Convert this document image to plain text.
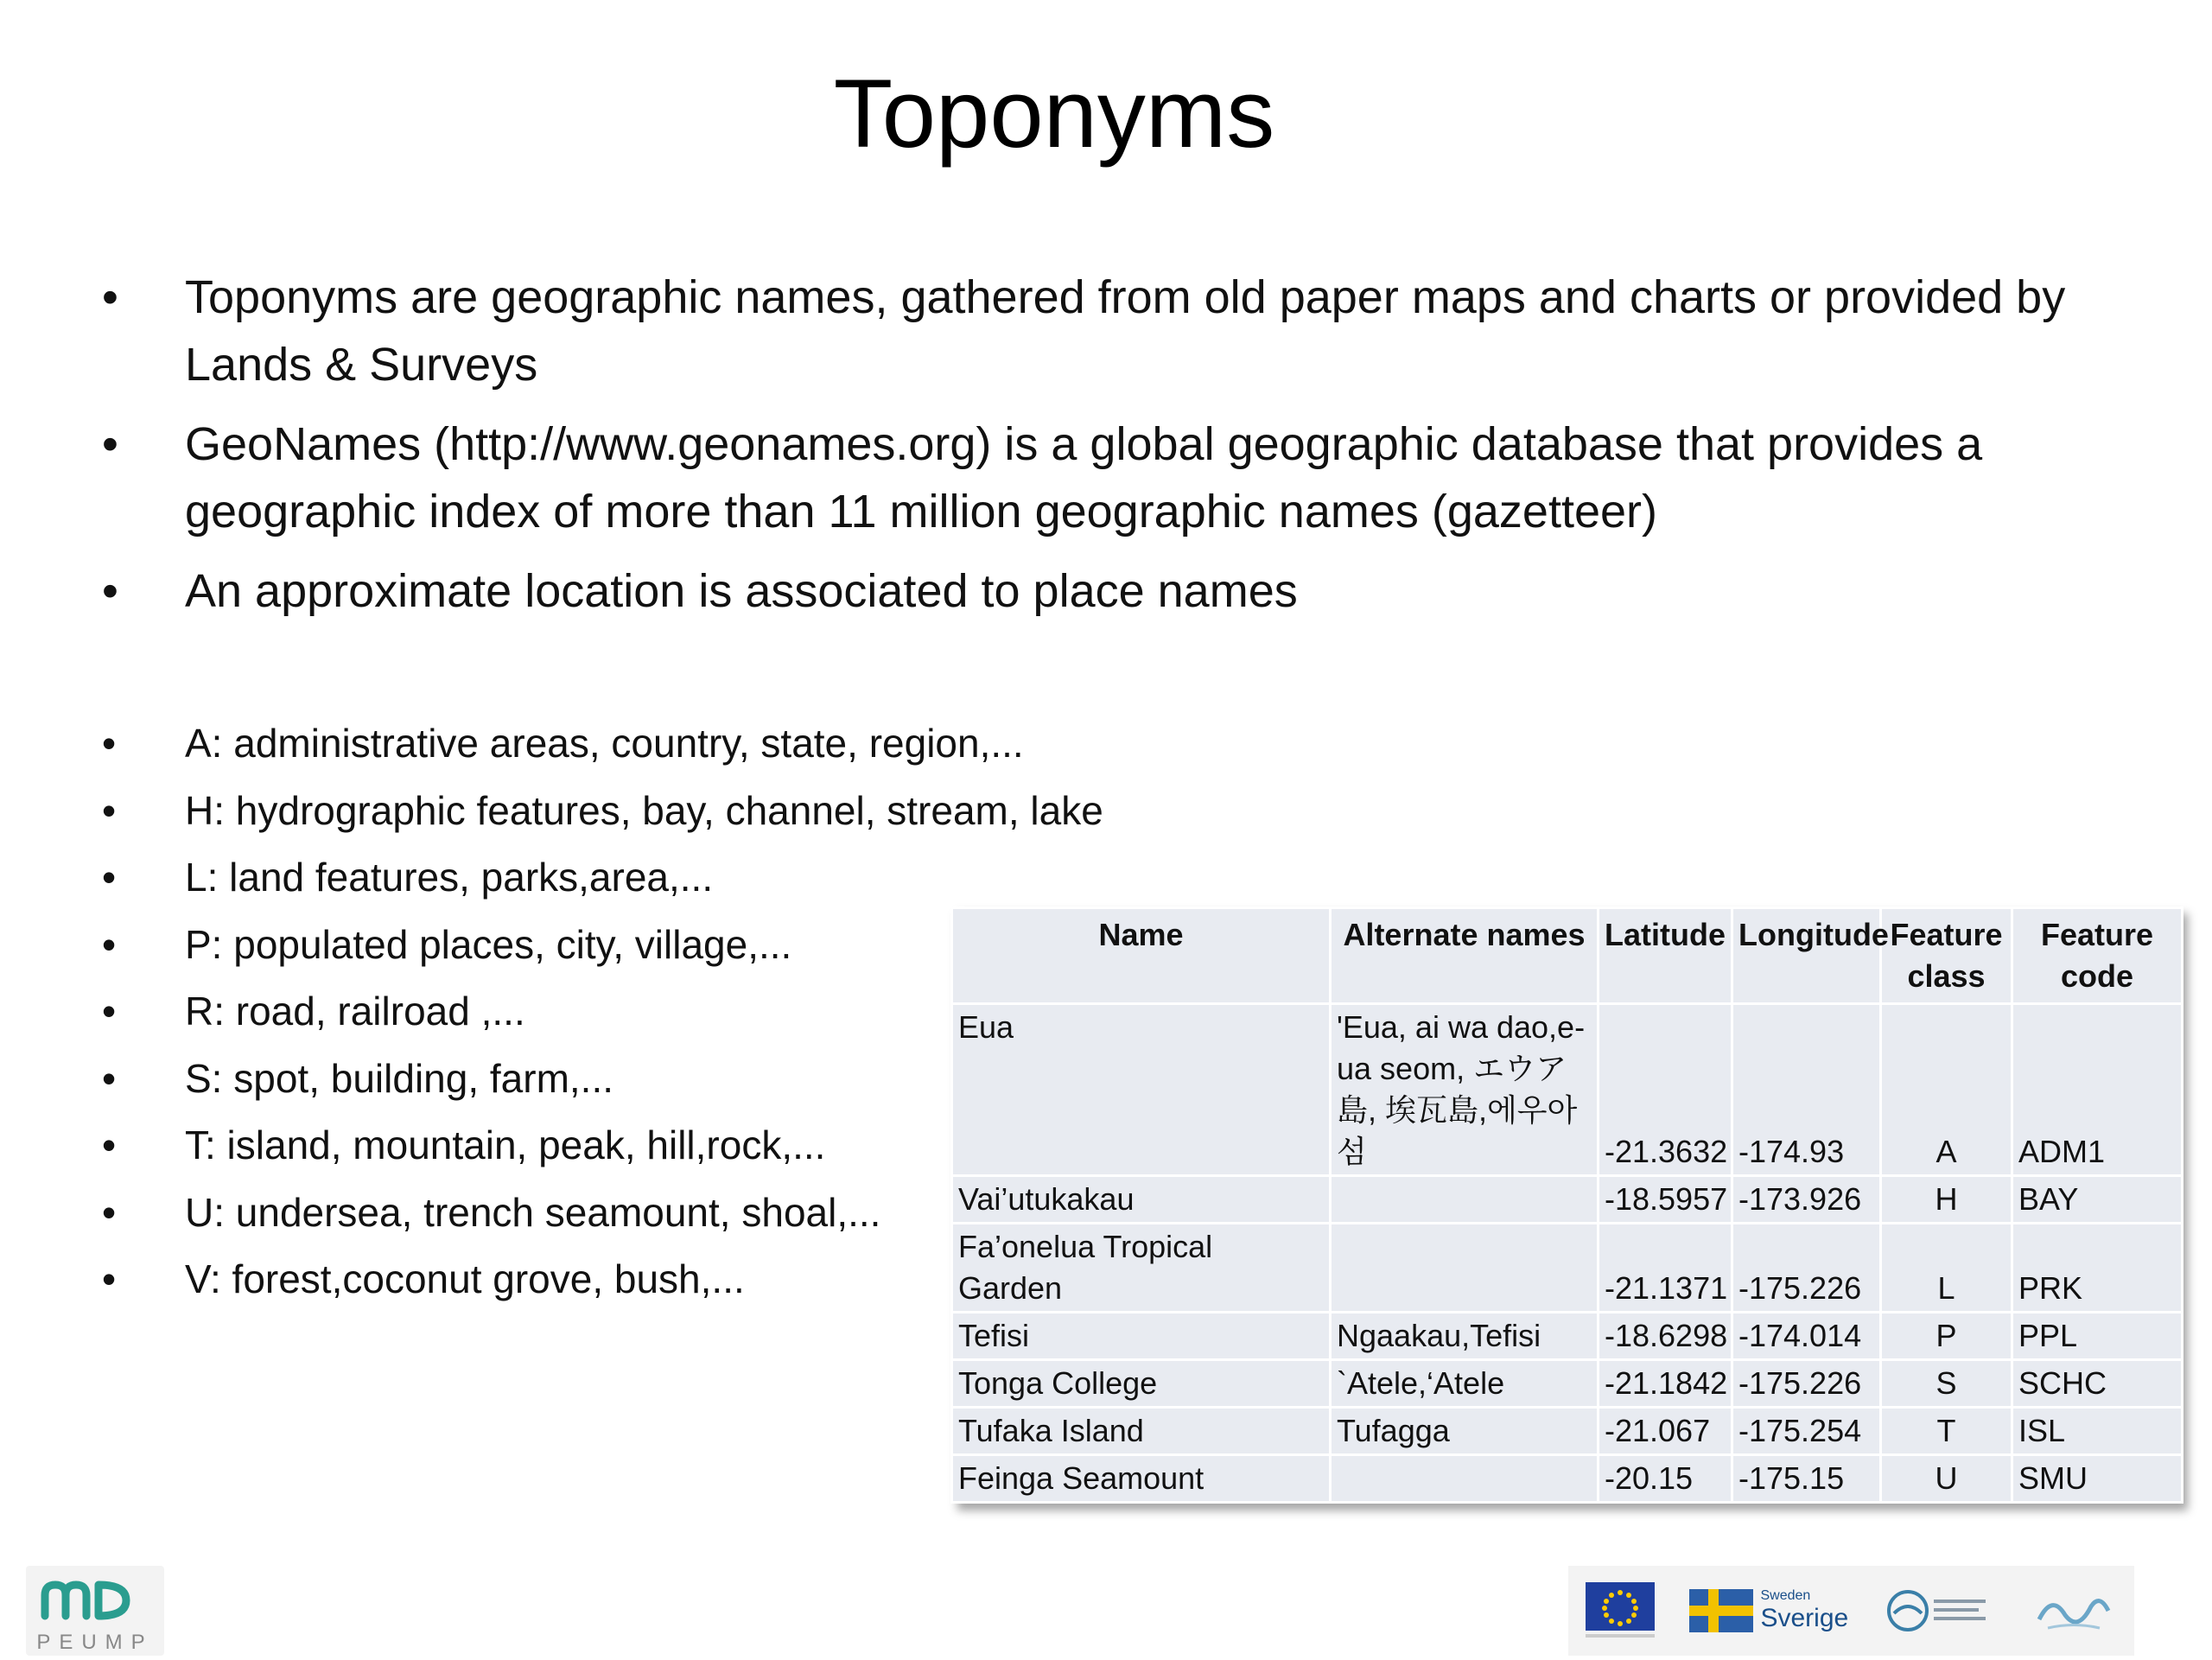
Toponyms
• Toponyms are geographic names, gathered from old paper maps and charts or provided by Lands & Surveys
• GeoNames (http://www.geonames.org) is a global geographic database that provides a geographic index of more than 11 million geographic names (gazetteer)
• An approximate location is associated to place names
• A: administrative areas, country, state, region,...
• H: hydrographic features, bay, channel, stream, lake
• L: land features, parks,area,...
• P: populated places, city, village,...
• R: road, railroad ,...
• S: spot, building, farm,...
• T: island, mountain, peak, hill,rock,...
• U: undersea, trench seamount, shoal,...
• V: forest,coconut grove, bush,...
Name	Alternate names	Latitude	Longitude	Feature class	Feature code
Eua	'Eua, ai wa dao,e-ua seom, エウア島, 埃瓦島,에우아 섬	-21.3632	-174.93	A	ADM1
Vai’utukakau		-18.5957	-173.926	H	BAY
Fa’onelua Tropical Garden		-21.1371	-175.226	L	PRK
Tefisi	Ngaakau,Tefisi	-18.6298	-174.014	P	PPL
Tonga College	`Atele,‘Atele	-21.1842	-175.226	S	SCHC
Tufaka Island	Tufagga	-21.067	-175.254	T	ISL
Feinga Seamount		-20.15	-175.15	U	SMU
PEUMP
Sweden
Sverige
